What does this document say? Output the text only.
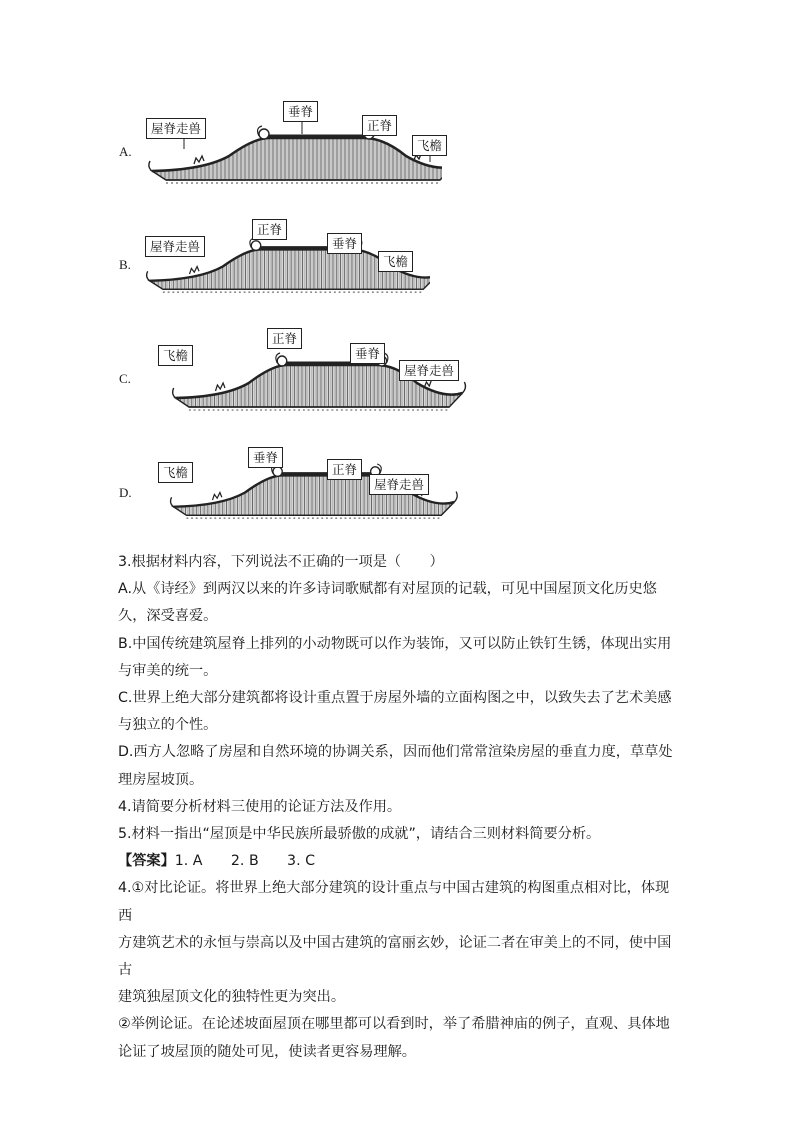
A.
屋脊走兽
垂脊
正脊
飞檐
B.
屋脊走兽
正脊
垂脊
飞檐
C.
飞檐
正脊
垂脊
屋脊走兽
D.
飞檐
垂脊
正脊
屋脊走兽

3.根据材料内容，下列说法不正确的一项是（　　）

A.从《诗经》到两汉以来的许多诗词歌赋都有对屋顶的记载，可见中国屋顶文化历史悠

久，深受喜爱。

B.中国传统建筑屋脊上排列的小动物既可以作为装饰，又可以防止铁钉生锈，体现出实用

与审美的统一。

C.世界上绝大部分建筑都将设计重点置于房屋外墙的立面构图之中，以致失去了艺术美感

与独立的个性。

D.西方人忽略了房屋和自然环境的协调关系，因而他们常常渲染房屋的垂直力度，草草处

理房屋坡顶。

4.请简要分析材料三使用的论证方法及作用。

5.材料一指出“屋顶是中华民族所最骄傲的成就”，请结合三则材料简要分析。

【答案】1. A　　2. B　　3. C

4.①对比论证。将世界上绝大部分建筑的设计重点与中国古建筑的构图重点相对比，体现西

方建筑艺术的永恒与崇高以及中国古建筑的富丽玄妙，论证二者在审美上的不同，使中国古

建筑独屋顶文化的独特性更为突出。

②举例论证。在论述坡面屋顶在哪里都可以看到时，举了希腊神庙的例子，直观、具体地

论证了坡屋顶的随处可见，使读者更容易理解。
